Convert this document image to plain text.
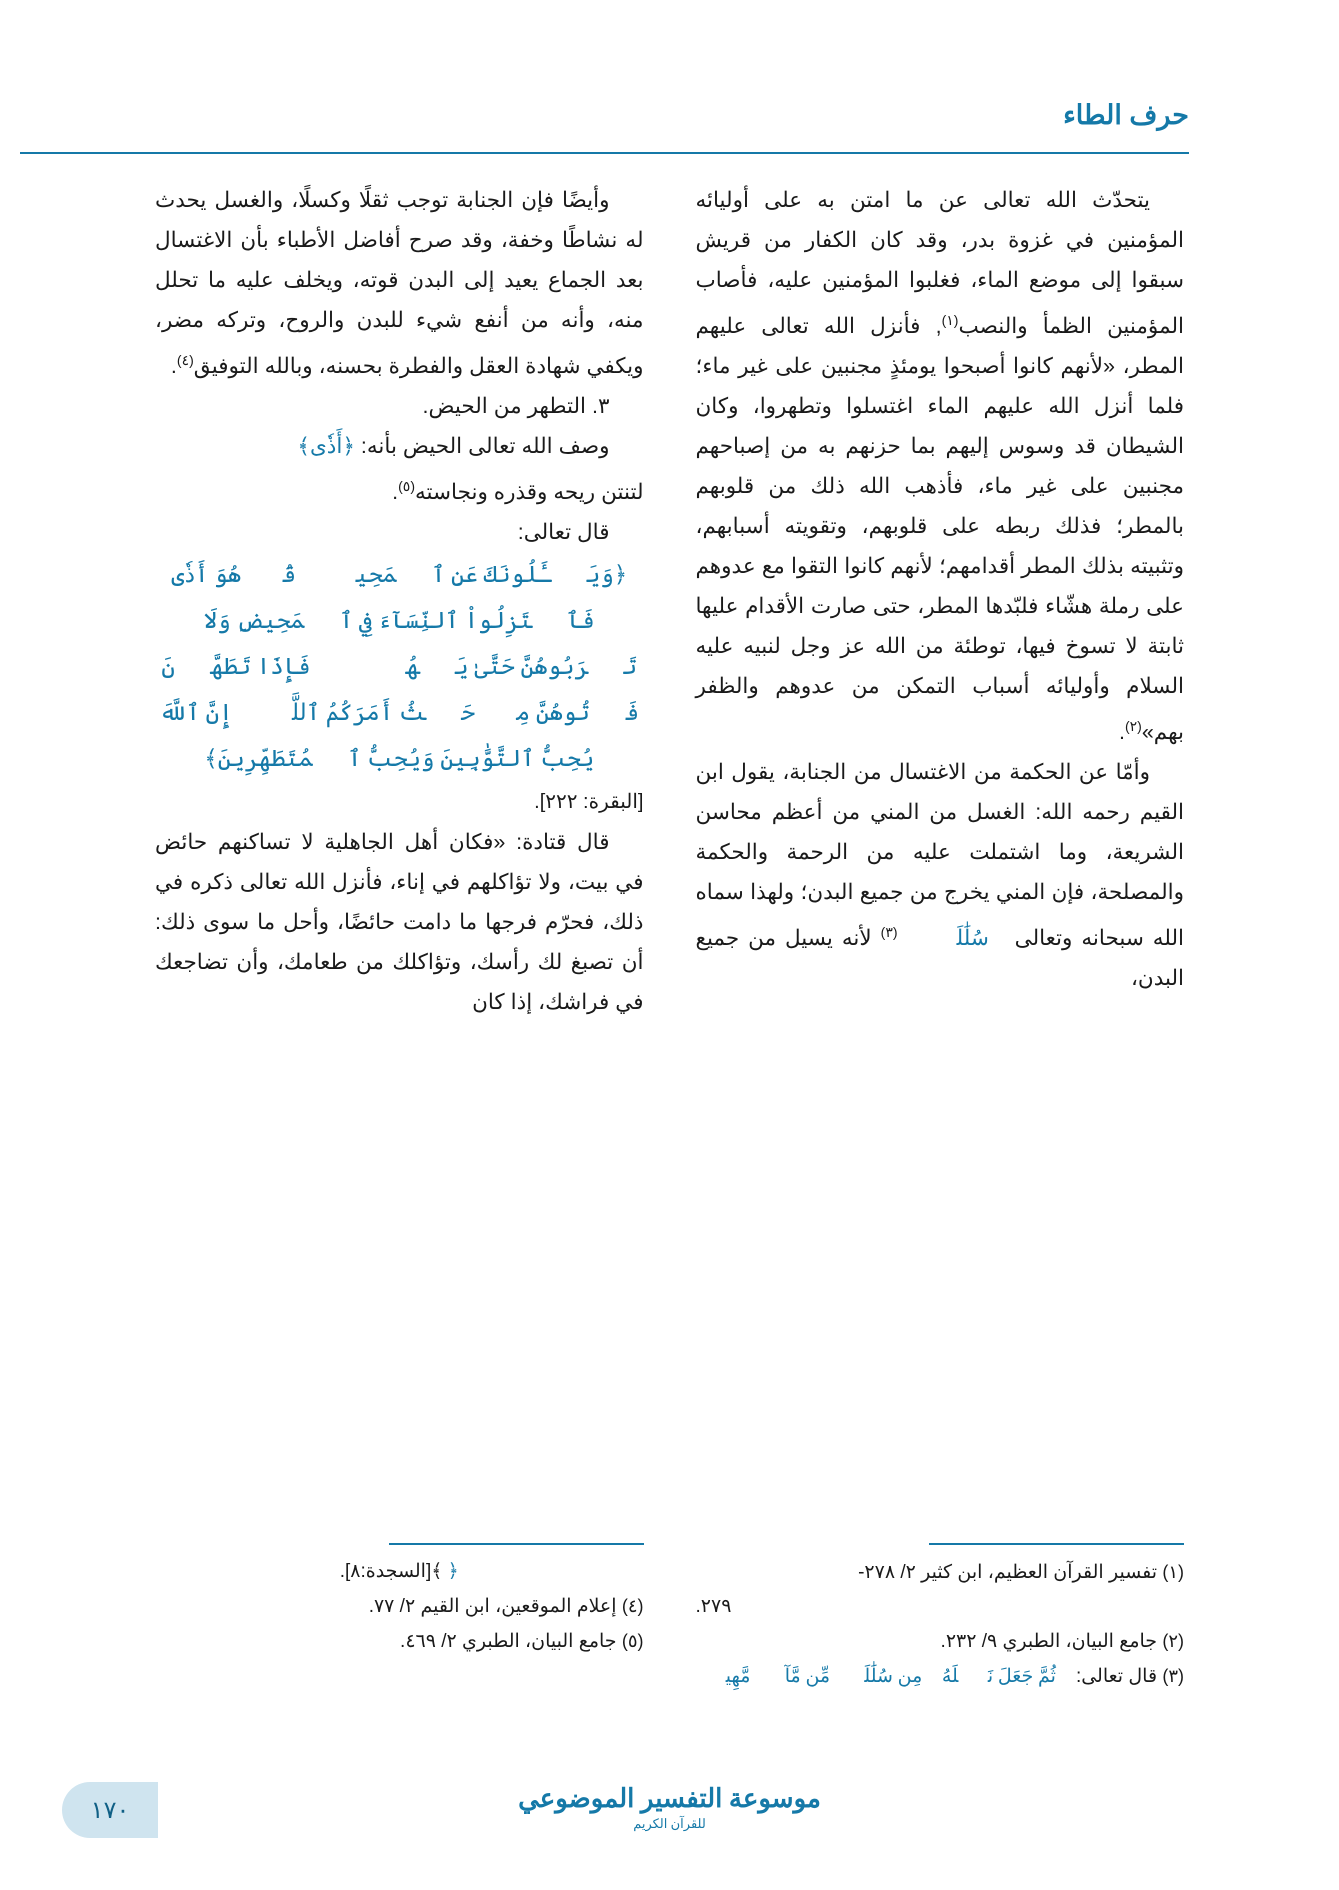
حرف الطاء

يتحدّث الله تعالى عن ما امتن به على أوليائه المؤمنين في غزوة بدر، وقد كان الكفار من قريش سبقوا إلى موضع الماء، فغلبوا المؤمنين عليه، فأصاب المؤمنين الظمأ والنصب$^{(١)}$, فأنزل الله تعالى عليهم المطر، «لأنهم كانوا أصبحوا يومئذٍ مجنبين على غير ماء؛ فلما أنزل الله عليهم الماء اغتسلوا وتطهروا، وكان الشيطان قد وسوس إليهم بما حزنهم به من إصباحهم مجنبين على غير ماء، فأذهب الله ذلك من قلوبهم بالمطر؛ فذلك ربطه على قلوبهم، وتقويته أسبابهم، وتثبيته بذلك المطر أقدامهم؛ لأنهم كانوا التقوا مع عدوهم على رملة هشّاء فلبّدها المطر، حتى صارت الأقدام عليها ثابتة لا تسوخ فيها، توطئة من الله عز وجل لنبيه عليه السلام وأوليائه أسباب التمكن من عدوهم والظفر بهم»$^{(٢)}$.

وأمّا عن الحكمة من الاغتسال من الجنابة، يقول ابن القيم رحمه الله: الغسل من المني من أعظم محاسن الشريعة، وما اشتملت عليه من الرحمة والحكمة والمصلحة، فإن المني يخرج من جميع البدن؛ ولهذا سماه الله سبحانه وتعالى ﴿سُلَٰلَةٖ﴾ $^{(٣)}$ لأنه يسيل من جميع البدن،

وأيضًا فإن الجنابة توجب ثقلًا وكسلًا، والغسل يحدث له نشاطًا وخفة، وقد صرح أفاضل الأطباء بأن الاغتسال بعد الجماع يعيد إلى البدن قوته، ويخلف عليه ما تحلل منه، وأنه من أنفع شيء للبدن والروح، وتركه مضر، ويكفي شهادة العقل والفطرة بحسنه، وبالله التوفيق$^{(٤)}$.

٣. التطهر من الحيض.

وصف الله تعالى الحيض بأنه: ﴿أَذٗى﴾

لتنتن ريحه وقذره ونجاسته$^{(٥)}$.

قال تعالى:

﴿وَيَسۡـَٔلُونَكَ عَنِ ٱلۡمَحِيضِۖ قُلۡ هُوَ أَذٗى فَٱعۡتَزِلُواْ ٱلنِّسَآءَ فِي ٱلۡمَحِيضِ وَلَا تَقۡرَبُوهُنَّ حَتَّىٰ يَطۡهُرۡنَۖ فَإِذَا تَطَهَّرۡنَ فَأۡتُوهُنَّ مِنۡ حَيۡثُ أَمَرَكُمُ ٱللَّهُۚ إِنَّ ٱللَّهَ يُحِبُّ ٱلتَّوَّٰبِينَ وَيُحِبُّ ٱلۡمُتَطَهِّرِينَ﴾

[البقرة: ٢٢٢].

قال قتادة: «فكان أهل الجاهلية لا تساكنهم حائض في بيت، ولا تؤاكلهم في إناء، فأنزل الله تعالى ذكره في ذلك، فحرّم فرجها ما دامت حائضًا، وأحل ما سوى ذلك: أن تصبغ لك رأسك، وتؤاكلك من طعامك، وأن تضاجعك في فراشك، إذا كان

(١) تفسير القرآن العظيم، ابن كثير ٢/ ٢٧٨-
٢٧٩.
(٢) جامع البيان، الطبري ٩/ ٢٣٢.
(٣) قال تعالى: ﴿ثُمَّ جَعَلَ نَسۡلَهُۥ مِن سُلَٰلَةٖ مِّن مَّآءٖ مَّهِينٖ
﴿ ﴾[السجدة:٨].
(٤) إعلام الموقعين، ابن القيم ٢/ ٧٧.
(٥) جامع البيان، الطبري ٢/ ٤٦٩.
موسوعة التفسير الموضوعي
للقرآن الكريم
١٧٠
